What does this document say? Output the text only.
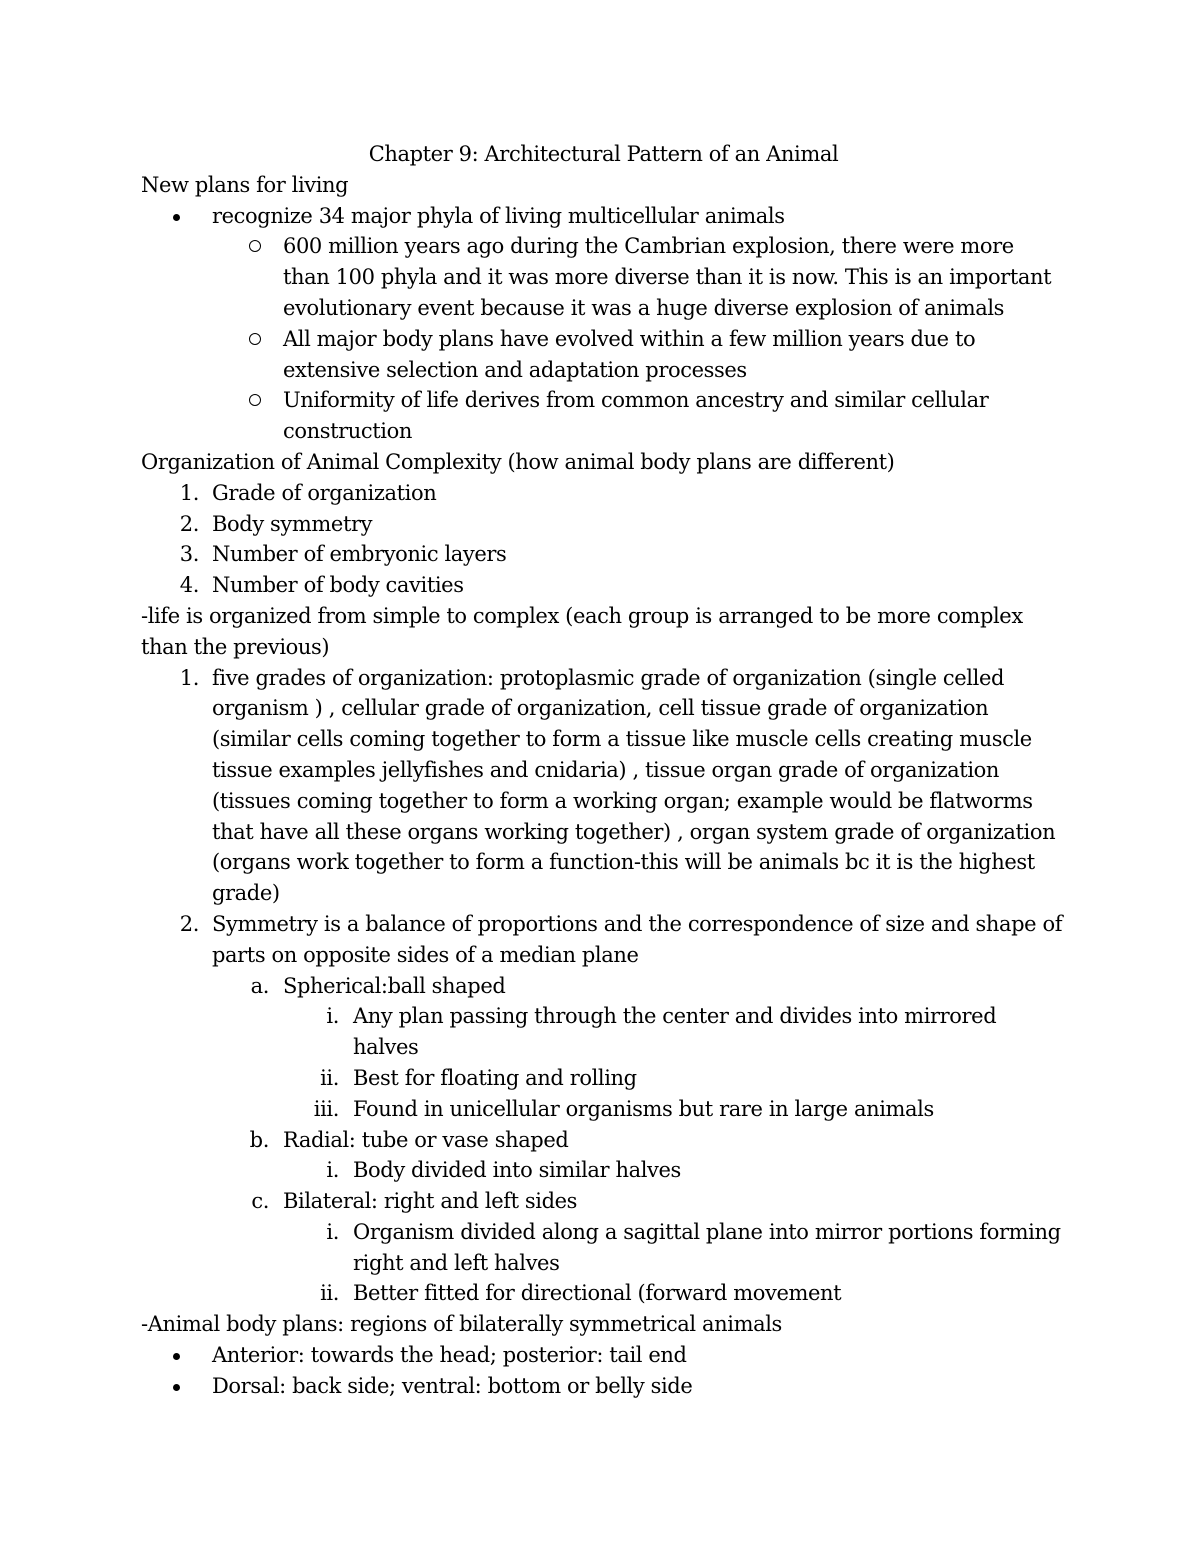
Chapter 9: Architectural Pattern of an Animal
New plans for living
recognize 34 major phyla of living multicellular animals
600 million years ago during the Cambrian explosion, there were more than 100 phyla and it was more diverse than it is now. This is an important evolutionary event because it was a huge diverse explosion of animals
All major body plans have evolved within a few million years due to extensive selection and adaptation processes
Uniformity of life derives from common ancestry and similar cellular construction
Organization of Animal Complexity (how animal body plans are different)
1. Grade of organization
2. Body symmetry
3. Number of embryonic layers
4. Number of body cavities
-life is organized from simple to complex (each group is arranged to be more complex than the previous)
1. five grades of organization: protoplasmic grade of organization (single celled organism ) , cellular grade of organization, cell tissue grade of organization (similar cells coming together to form a tissue like muscle cells creating muscle tissue examples jellyfishes and cnidaria) , tissue organ grade of organization (tissues coming together to form a working organ; example would be flatworms that have all these organs working together) , organ system grade of organization (organs work together to form a function-this will be animals bc it is the highest grade)
2. Symmetry is a balance of proportions and the correspondence of size and shape of parts on opposite sides of a median plane
a. Spherical:ball shaped
i. Any plan passing through the center and divides into mirrored halves
ii. Best for floating and rolling
iii. Found in unicellular organisms but rare in large animals
b. Radial: tube or vase shaped
i. Body divided into similar halves
c. Bilateral: right and left sides
i. Organism divided along a sagittal plane into mirror portions forming right and left halves
ii. Better fitted for directional (forward movement
-Animal body plans: regions of bilaterally symmetrical animals
Anterior: towards the head; posterior: tail end
Dorsal: back side; ventral: bottom or belly side
